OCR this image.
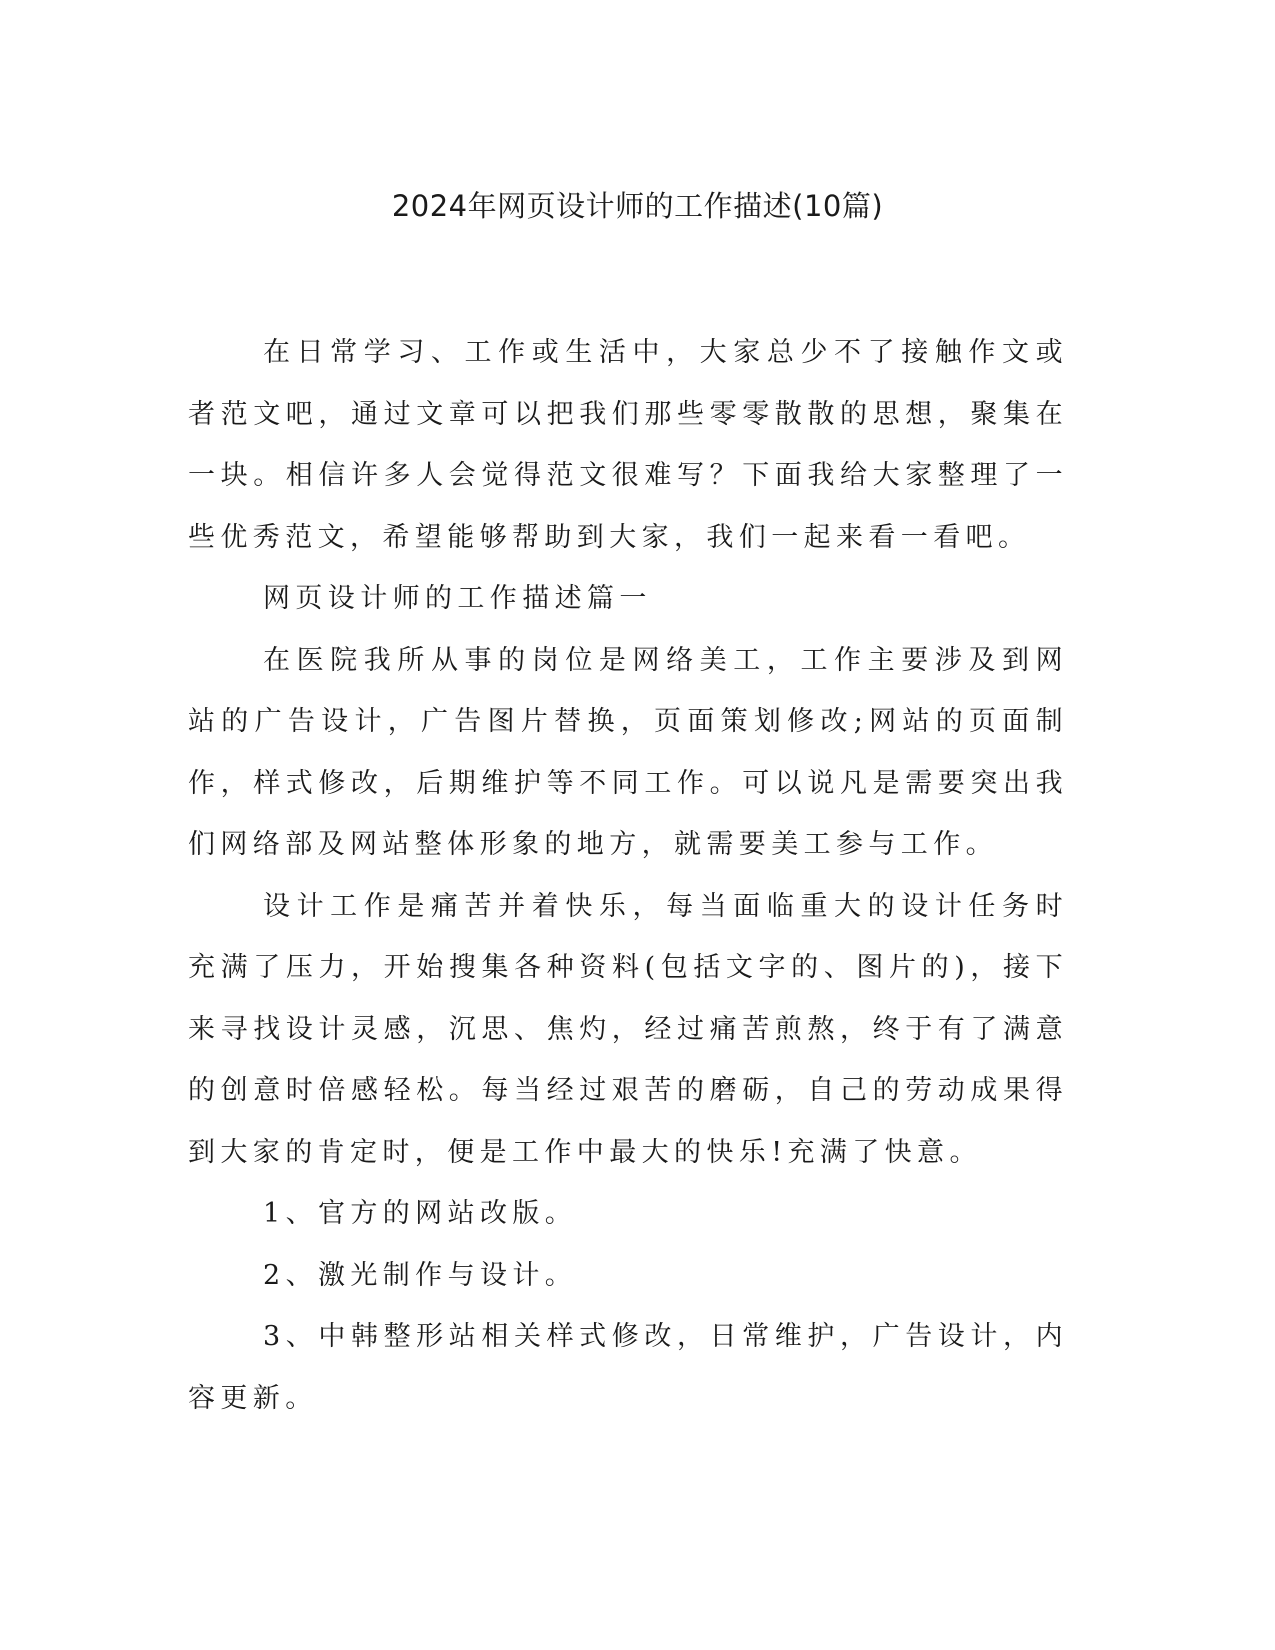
2024年网页设计师的工作描述(10篇)

在日常学习、工作或生活中，大家总少不了接触作文或者范文吧，通过文章可以把我们那些零零散散的思想，聚集在一块。相信许多人会觉得范文很难写？下面我给大家整理了一些优秀范文，希望能够帮助到大家，我们一起来看一看吧。

网页设计师的工作描述篇一

在医院我所从事的岗位是网络美工，工作主要涉及到网站的广告设计，广告图片替换，页面策划修改;网站的页面制作，样式修改，后期维护等不同工作。可以说凡是需要突出我们网络部及网站整体形象的地方，就需要美工参与工作。

设计工作是痛苦并着快乐，每当面临重大的设计任务时充满了压力，开始搜集各种资料(包括文字的、图片的)，接下来寻找设计灵感，沉思、焦灼，经过痛苦煎熬，终于有了满意的创意时倍感轻松。每当经过艰苦的磨砺，自己的劳动成果得到大家的肯定时，便是工作中最大的快乐!充满了快意。

1、官方的网站改版。

2、激光制作与设计。

3、中韩整形站相关样式修改，日常维护，广告设计，内容更新。
